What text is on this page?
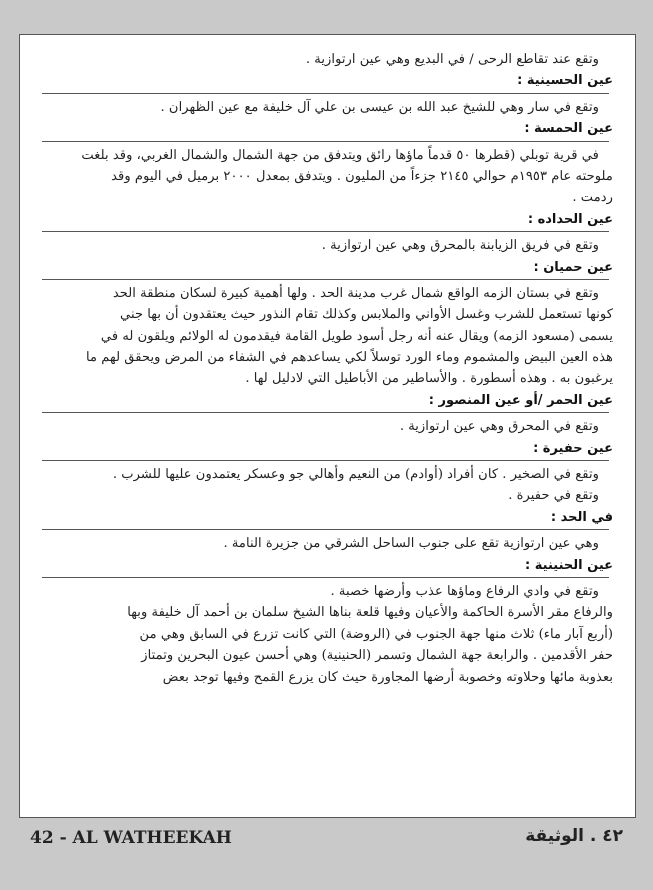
وتقع عند تقاطع الرحى / في البديع وهي عين ارتوازية .
عين الحسينية :
وتقع في سار وهي للشيخ عبد الله بن عيسى بن علي آل خليفة مع عين الظهران .
عين الحمسة :
في قرية توبلي (قطرها ٥٠ قدماً ماؤها رائق ويتدفق من جهة الشمال والشمال الغربي، وقد بلغت
ملوحته عام ١٩٥٣م حوالي ٢١٤٥ جزءاً من المليون . ويتدفق بمعدل ٢٠٠٠ برميل في اليوم وقد
ردمت .
عين الحداده :
وتقع في فريق الزيابنة بالمحرق وهي عين ارتوازية .
عين حميان :
وتقع في بستان الزمه الواقع شمال غرب مدينة الحد . ولها أهمية كبيرة لسكان منطقة الحد
كونها تستعمل للشرب وغسل الأواني والملابس وكذلك تقام النذور حيث يعتقدون أن بها جني
يسمى (مسعود الزمه) ويقال عنه أنه رجل أسود طويل القامة فيقدمون له الولائم ويلقون له في
هذه العين البيض والمشموم وماء الورد توسلاً لكي يساعدهم في الشفاء من المرض ويحقق لهم ما
يرغبون به . وهذه أسطورة . والأساطير من الأباطيل التي لادليل لها .
عين الحمر /أو عين المنصور :
وتقع في المحرق وهي عين ارتوازية .
عين حفيرة :
وتقع في الصخير . كان أفراد (أوادم) من النعيم وأهالي جو وعسكر يعتمدون عليها للشرب .
وتقع في حفيرة .
في الحد :
وهي عين ارتوازية تقع على جنوب الساحل الشرقي من جزيرة النامة .
عين الحنينية :
وتقع في وادي الرفاع وماؤها عذب وأرضها خصبة .
والرفاع مقر الأسرة الحاكمة والأعيان وفيها قلعة بناها الشيخ سلمان بن أحمد آل خليفة وبها
(أربع آبار ماء) ثلاث منها جهة الجنوب في (الروضة) التي كانت تزرع في السابق وهي من
حفر الأقدمين . والرابعة جهة الشمال وتسمر (الحنينية) وهي أحسن عيون البحرين وتمتاز
بعذوبة مائها وحلاوته وخصوبة أرضها المجاورة حيث كان يزرع القمح وفيها توجد بعض
42 - AL WATHEEKAH	٤٢ . الوثيقة
